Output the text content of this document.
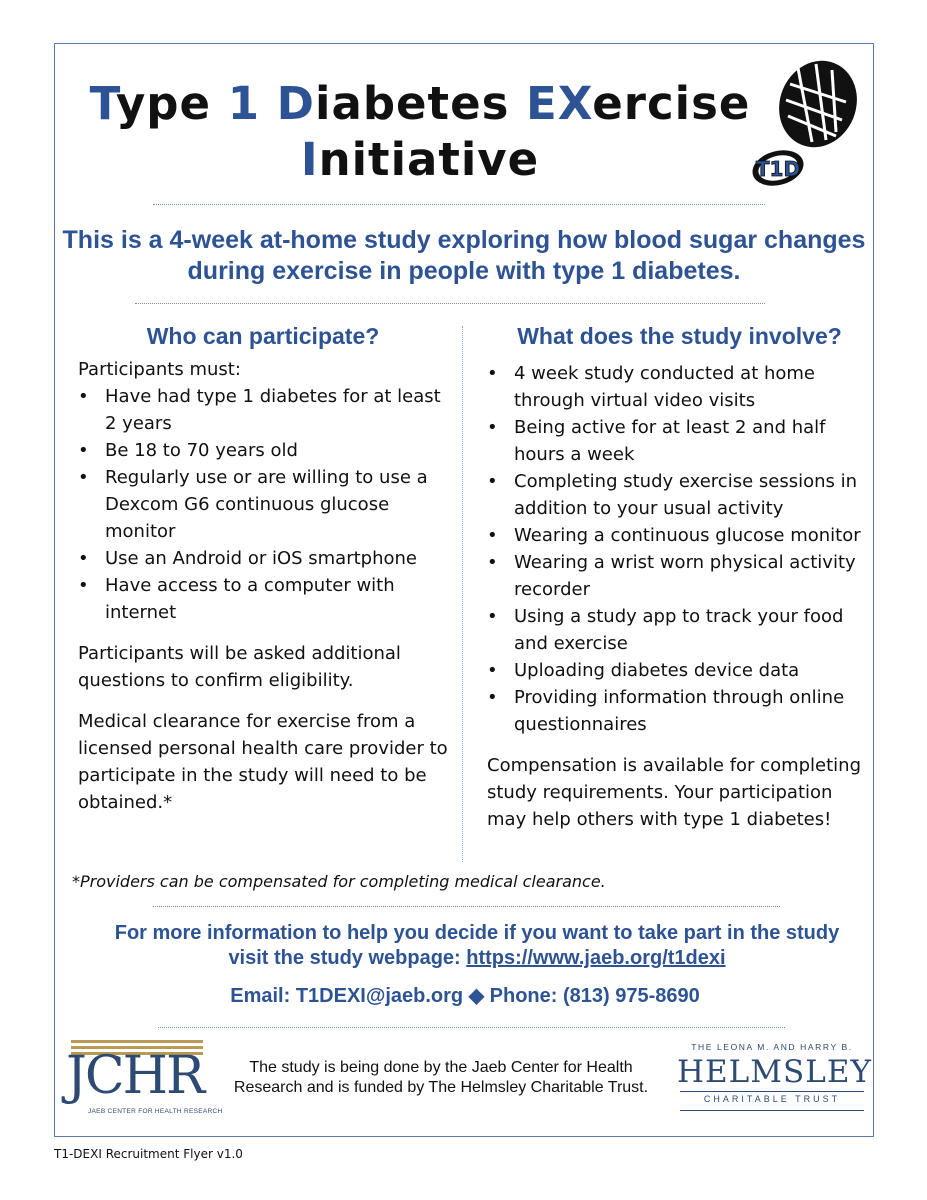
Type 1 Diabetes EXercise
Initiative	T1D
This is a 4-week at-home study exploring how blood sugar changes during exercise in people with type 1 diabetes.
Who can participate?

Participants must:

• Have had type 1 diabetes for at least 2 years
• Be 18 to 70 years old
• Regularly use or are willing to use a Dexcom G6 continuous glucose monitor
• Use an Android or iOS smartphone
• Have access to a computer with internet

Participants will be asked additional questions to confirm eligibility.

Medical clearance for exercise from a licensed personal health care provider to participate in the study will need to be obtained.*

What does the study involve?
• 4 week study conducted at home through virtual video visits
• Being active for at least 2 and half hours a week
• Completing study exercise sessions in addition to your usual activity
• Wearing a continuous glucose monitor
• Wearing a wrist worn physical activity recorder
• Using a study app to track your food and exercise
• Uploading diabetes device data
• Providing information through online questionnaires

Compensation is available for completing study requirements. Your participation may help others with type 1 diabetes!

*Providers can be compensated for completing medical clearance.
For more information to help you decide if you want to take part in the study
visit the study webpage: https://www.jaeb.org/t1dexi
Email: T1DEXI@jaeb.org ◆ Phone: (813) 975-8690
JCHR
JAEB CENTER FOR HEALTH RESEARCH
The study is being done by the Jaeb Center for Health Research and is funded by The Helmsley Charitable Trust.
THE LEONA M. AND HARRY B.
HELMSLEY
CHARITABLE TRUST
T1-DEXI Recruitment Flyer v1.0
